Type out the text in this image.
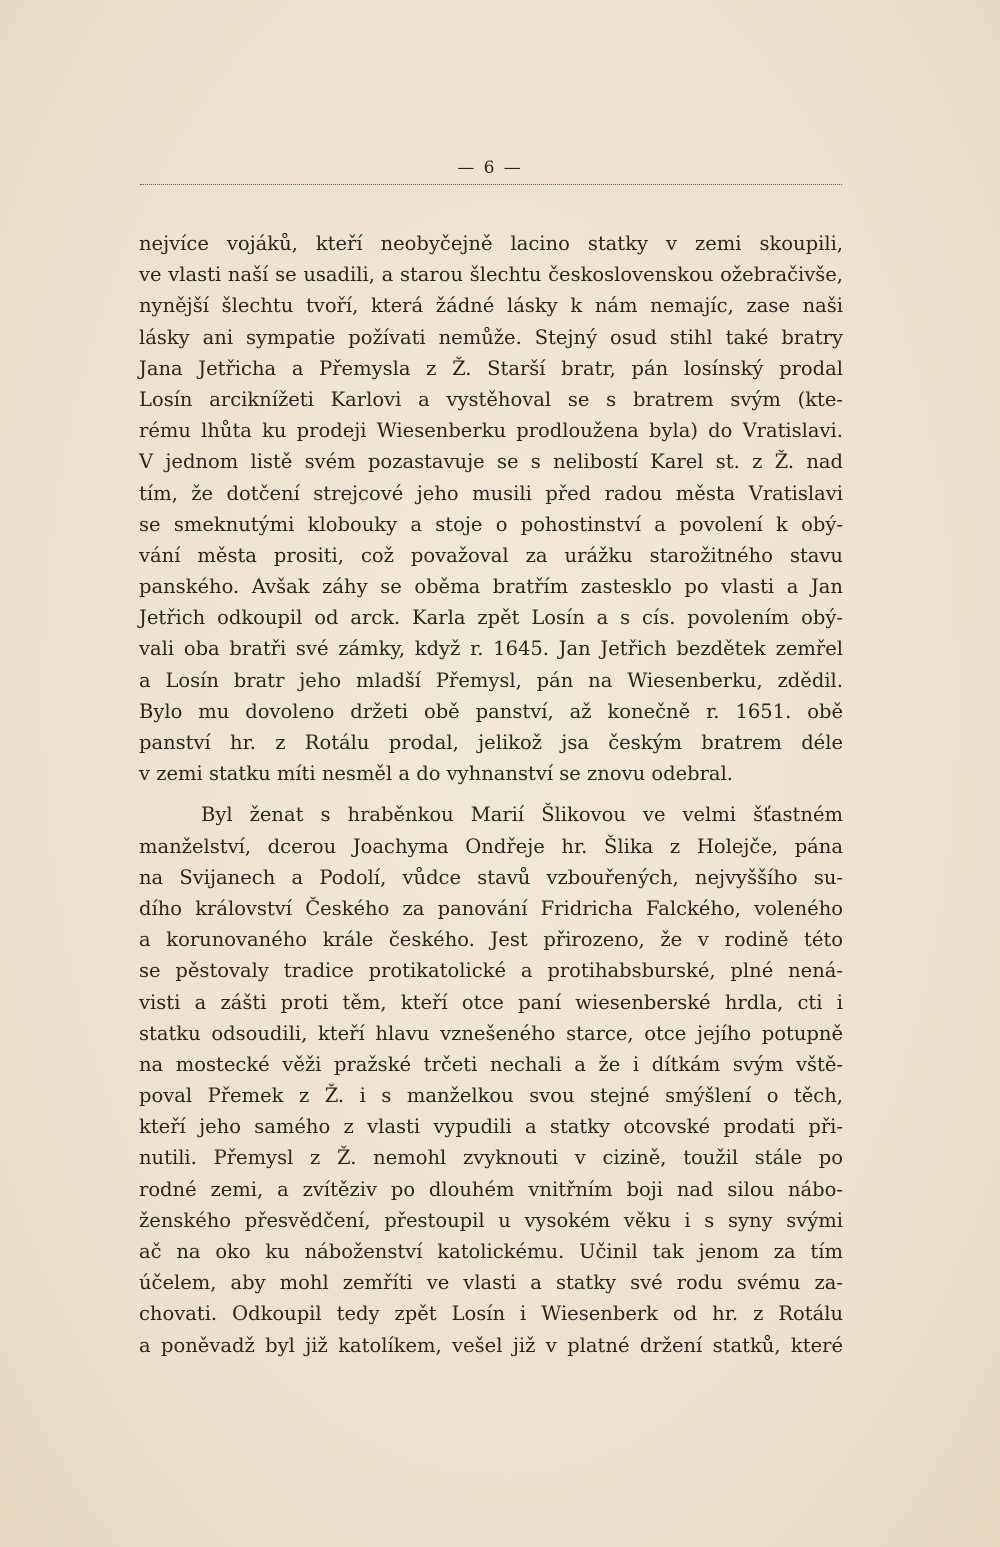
— 6 —
nejvíce vojáků, kteří neobyčejně lacino statky v zemi skoupili,
ve vlasti naší se usadili, a starou šlechtu československou ožebračivše,
nynější šlechtu tvoří, která žádné lásky k nám nemajíc, zase naši
lásky ani sympatie požívati nemůže. Stejný osud stihl také bratry
Jana Jetřicha a Přemysla z Ž. Starší bratr, pán losínský prodal
Losín arciknížeti Karlovi a vystěhoval se s bratrem svým (kte-
rému lhůta ku prodeji Wiesenberku prodloužena byla) do Vratislavi.
V jednom listě svém pozastavuje se s nelibostí Karel st. z Ž. nad
tím, že dotčení strejcové jeho musili před radou města Vratislavi
se smeknutými klobouky a stoje o pohostinství a povolení k obý-
vání města prositi, což považoval za urážku starožitného stavu
panského. Avšak záhy se oběma bratřím zastesklo po vlasti a Jan
Jetřich odkoupil od arck. Karla zpět Losín a s cís. povolením obý-
vali oba bratři své zámky, když r. 1645. Jan Jetřich bezdětek zemřel
a Losín bratr jeho mladší Přemysl, pán na Wiesenberku, zdědil.
Bylo mu dovoleno držeti obě panství, až konečně r. 1651. obě
panství hr. z Rotálu prodal, jelikož jsa českým bratrem déle
v zemi statku míti nesměl a do vyhnanství se znovu odebral.
Byl ženat s hraběnkou Marií Šlikovou ve velmi šťastném
manželství, dcerou Joachyma Ondřeje hr. Šlika z Holejče, pána
na Svijanech a Podolí, vůdce stavů vzbouřených, nejvyššího su-
dího království Českého za panování Fridricha Falckého, voleného
a korunovaného krále českého. Jest přirozeno, že v rodině této
se pěstovaly tradice protikatolické a protihabsburské, plné nená-
visti a zášti proti těm, kteří otce paní wiesenberské hrdla, cti i
statku odsoudili, kteří hlavu vznešeného starce, otce jejího potupně
na mostecké věži pražské trčeti nechali a že i dítkám svým vště-
poval Přemek z Ž. i s manželkou svou stejné smýšlení o těch,
kteří jeho samého z vlasti vypudili a statky otcovské prodati při-
nutili. Přemysl z Ž. nemohl zvyknouti v cizině, toužil stále po
rodné zemi, a zvítěziv po dlouhém vnitřním boji nad silou nábo-
ženského přesvědčení, přestoupil u vysokém věku i s syny svými
ač na oko ku náboženství katolickému. Učinil tak jenom za tím
účelem, aby mohl zemříti ve vlasti a statky své rodu svému za-
chovati. Odkoupil tedy zpět Losín i Wiesenberk od hr. z Rotálu
a poněvadž byl již katolíkem, vešel již v platné držení statků, které
